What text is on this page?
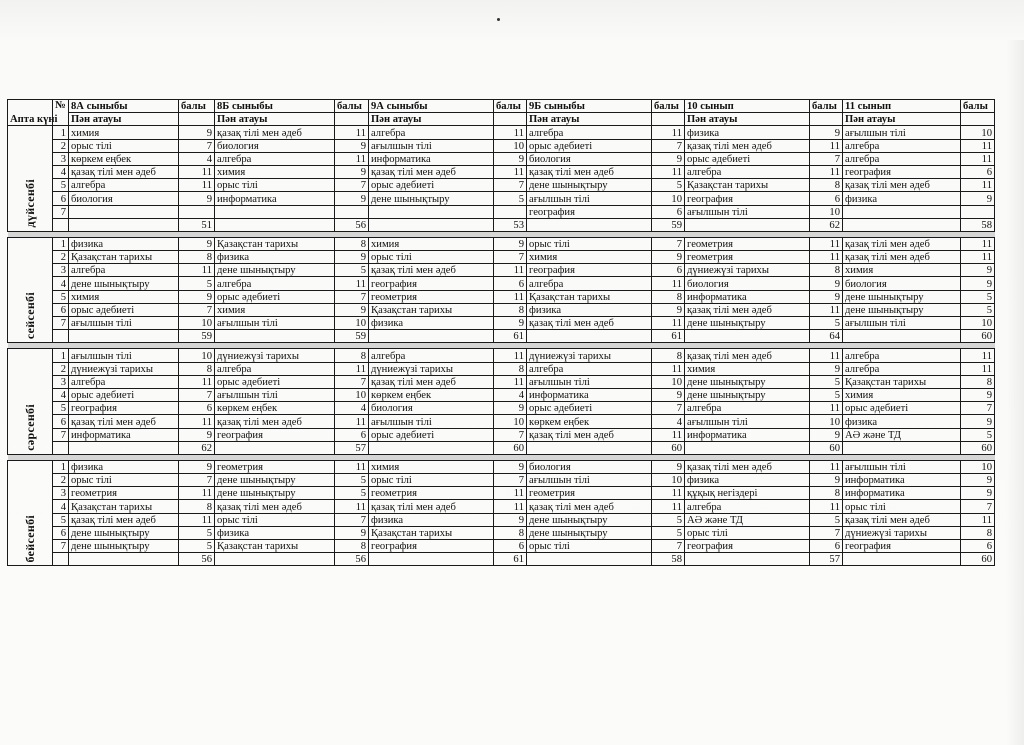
Апта күні	№	8А сыныбы	балы	8Б сыныбы	балы	9А сыныбы	балы	9Б сыныбы	балы	10 сынып	балы	11 сынып	балы
		Пән атауы		Пән атауы		Пән атауы		Пән атауы		Пән атауы		Пән атауы	
дүйсенбі	1	химия	9	қазақ тілі мен әдеб	11	алгебра	11	алгебра	11	физика	9	ағылшын тілі	10
	2	орыс тілі	7	биология	9	ағылшын тілі	10	орыс әдебиеті	7	қазақ тілі мен әдеб	11	алгебра	11
	3	көркем еңбек	4	алгебра	11	информатика	9	биология	9	орыс әдебиеті	7	алгебра	11
	4	қазақ тілі мен әдеб	11	химия	9	қазақ тілі мен әдеб	11	қазақ тілі мен әдеб	11	алгебра	11	география	6
	5	алгебра	11	орыс тілі	7	орыс әдебиеті	7	дене шынықтыру	5	Қазақстан тарихы	8	қазақ тілі мен әдеб	11
	6	биология	9	информатика	9	дене шынықтыру	5	ағылшын тілі	10	география	6	физика	9
	7							география	6	ағылшын тілі	10		
			51		56		53		59		62		58

сейсенбі	1	физика	9	Қазақстан тарихы	8	химия	9	орыс тілі	7	геометрия	11	қазақ тілі мен әдеб	11
	2	Қазақстан тарихы	8	физика	9	орыс тілі	7	химия	9	геометрия	11	қазақ тілі мен әдеб	11
	3	алгебра	11	дене шынықтыру	5	қазақ тілі мен әдеб	11	география	6	дүниежүзі тарихы	8	химия	9
	4	дене шынықтыру	5	алгебра	11	география	6	алгебра	11	биология	9	биология	9
	5	химия	9	орыс әдебиеті	7	геометрия	11	Қазақстан тарихы	8	информатика	9	дене шынықтыру	5
	6	орыс әдебиеті	7	химия	9	Қазақстан тарихы	8	физика	9	қазақ тілі мен әдеб	11	дене шынықтыру	5
	7	ағылшын тілі	10	ағылшын тілі	10	физика	9	қазақ тілі мен әдеб	11	дене шынықтыру	5	ағылшын тілі	10
			59		59		61		61		64		60

сәрсенбі	1	ағылшын тілі	10	дүниежүзі тарихы	8	алгебра	11	дүниежүзі тарихы	8	қазақ тілі мен әдеб	11	алгебра	11
	2	дүниежүзі тарихы	8	алгебра	11	дүниежүзі тарихы	8	алгебра	11	химия	9	алгебра	11
	3	алгебра	11	орыс әдебиеті	7	қазақ тілі мен әдеб	11	ағылшын тілі	10	дене шынықтыру	5	Қазақстан тарихы	8
	4	орыс әдебиеті	7	ағылшын тілі	10	көркем еңбек	4	информатика	9	дене шынықтыру	5	химия	9
	5	география	6	көркем еңбек	4	биология	9	орыс әдебиеті	7	алгебра	11	орыс әдебиеті	7
	6	қазақ тілі мен әдеб	11	қазақ тілі мен әдеб	11	ағылшын тілі	10	көркем еңбек	4	ағылшын тілі	10	физика	9
	7	информатика	9	география	6	орыс әдебиеті	7	қазақ тілі мен әдеб	11	информатика	9	АӘ және ТД	5
			62		57		60		60		60		60

бейсенбі	1	физика	9	геометрия	11	химия	9	биология	9	қазақ тілі мен әдеб	11	ағылшын тілі	10
	2	орыс тілі	7	дене шынықтыру	5	орыс тілі	7	ағылшын тілі	10	физика	9	информатика	9
	3	геометрия	11	дене шынықтыру	5	геометрия	11	геометрия	11	құқық негіздері	8	информатика	9
	4	Қазақстан тарихы	8	қазақ тілі мен әдеб	11	қазақ тілі мен әдеб	11	қазақ тілі мен әдеб	11	алгебра	11	орыс тілі	7
	5	қазақ тілі мен әдеб	11	орыс тілі	7	физика	9	дене шынықтыру	5	АӘ және ТД	5	қазақ тілі мен әдеб	11
	6	дене шынықтыру	5	физика	9	Қазақстан тарихы	8	дене шынықтыру	5	орыс тілі	7	дүниежүзі тарихы	8
	7	дене шынықтыру	5	Қазақстан тарихы	8	география	6	орыс тілі	7	география	6	география	6
			56		56		61		58		57		60
